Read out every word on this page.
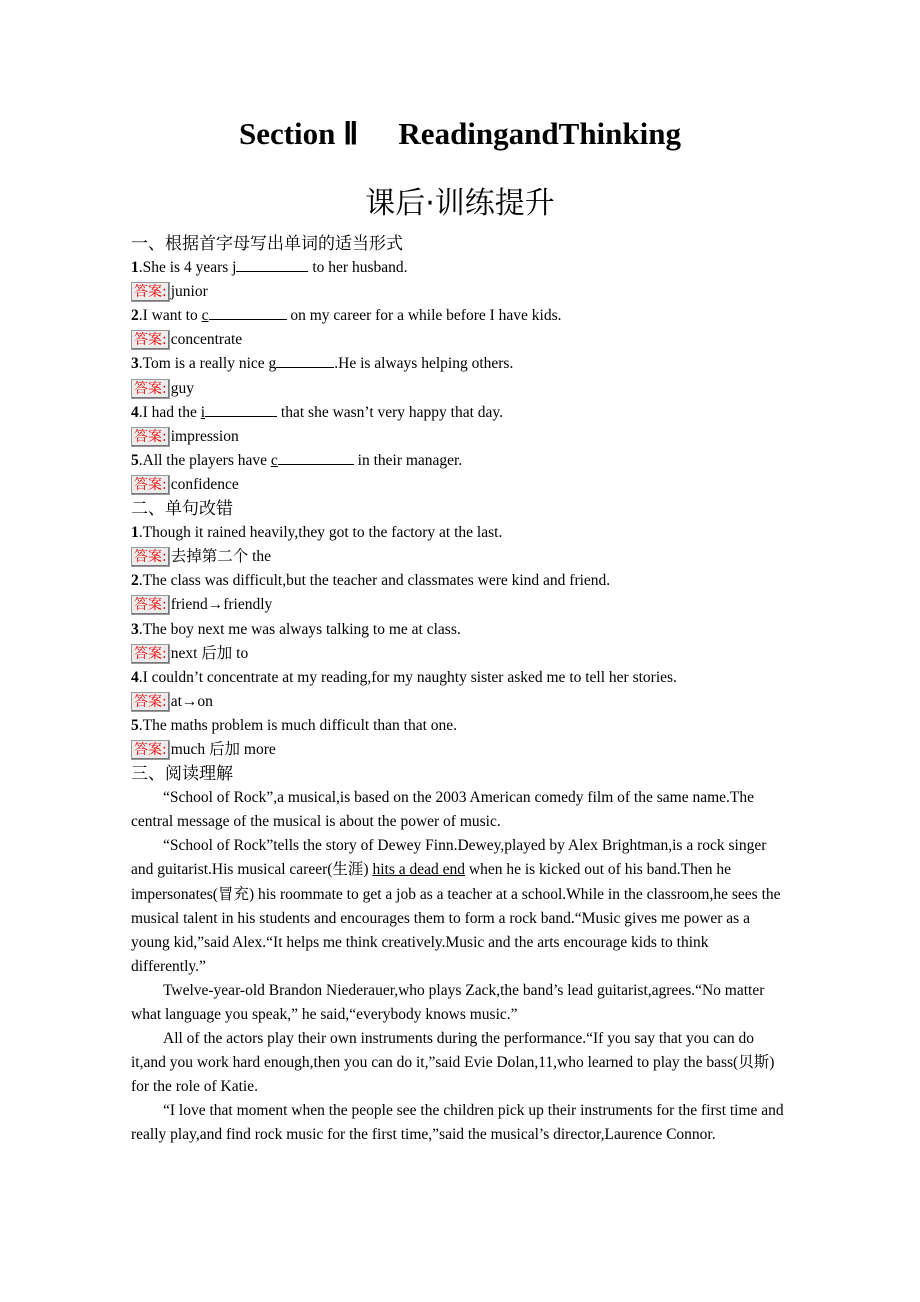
Section Ⅱ ReadingandThinking
课后·训练提升
一、根据首字母写出单词的适当形式
1.She is 4 years j	to her husband.
答案: junior
2.I want to c	on my career for a while before I have kids.
答案: concentrate
3.Tom is a really nice g	.He is always helping others.
答案: guy
4.I had the i	that she wasn’t very happy that day.
答案: impression
5.All the players have c	in their manager.
答案: confidence
二、单句改错
1.Though it rained heavily,they got to the factory at the last.
答案: 去掉第二个 the
2.The class was difficult,but the teacher and classmates were kind and friend.
答案: friend→friendly
3.The boy next me was always talking to me at class.
答案: next 后加 to
4.I couldn’t concentrate at my reading,for my naughty sister asked me to tell her stories.
答案: at→on
5.The maths problem is much difficult than that one.
答案: much 后加 more
三、阅读理解

“School of Rock”,a musical,is based on the 2003 American comedy film of the same name.The central message of the musical is about the power of music.

“School of Rock”tells the story of Dewey Finn.Dewey,played by Alex Brightman,is a rock singer and guitarist.His musical career(生涯) hits a dead end when he is kicked out of his band.Then he impersonates(冒充) his roommate to get a job as a teacher at a school.While in the classroom,he sees the musical talent in his students and encourages them to form a rock band.“Music gives me power as a young kid,”said Alex.“It helps me think creatively.Music and the arts encourage kids to think differently.”

Twelve-year-old Brandon Niederauer,who plays Zack,the band’s lead guitarist,agrees.“No matter what language you speak,” he said,“everybody knows music.”

All of the actors play their own instruments during the performance.“If you say that you can do it,and you work hard enough,then you can do it,”said Evie Dolan,11,who learned to play the bass(贝斯) for the role of Katie.

“I love that moment when the people see the children pick up their instruments for the first time and really play,and find rock music for the first time,”said the musical’s director,Laurence Connor.
